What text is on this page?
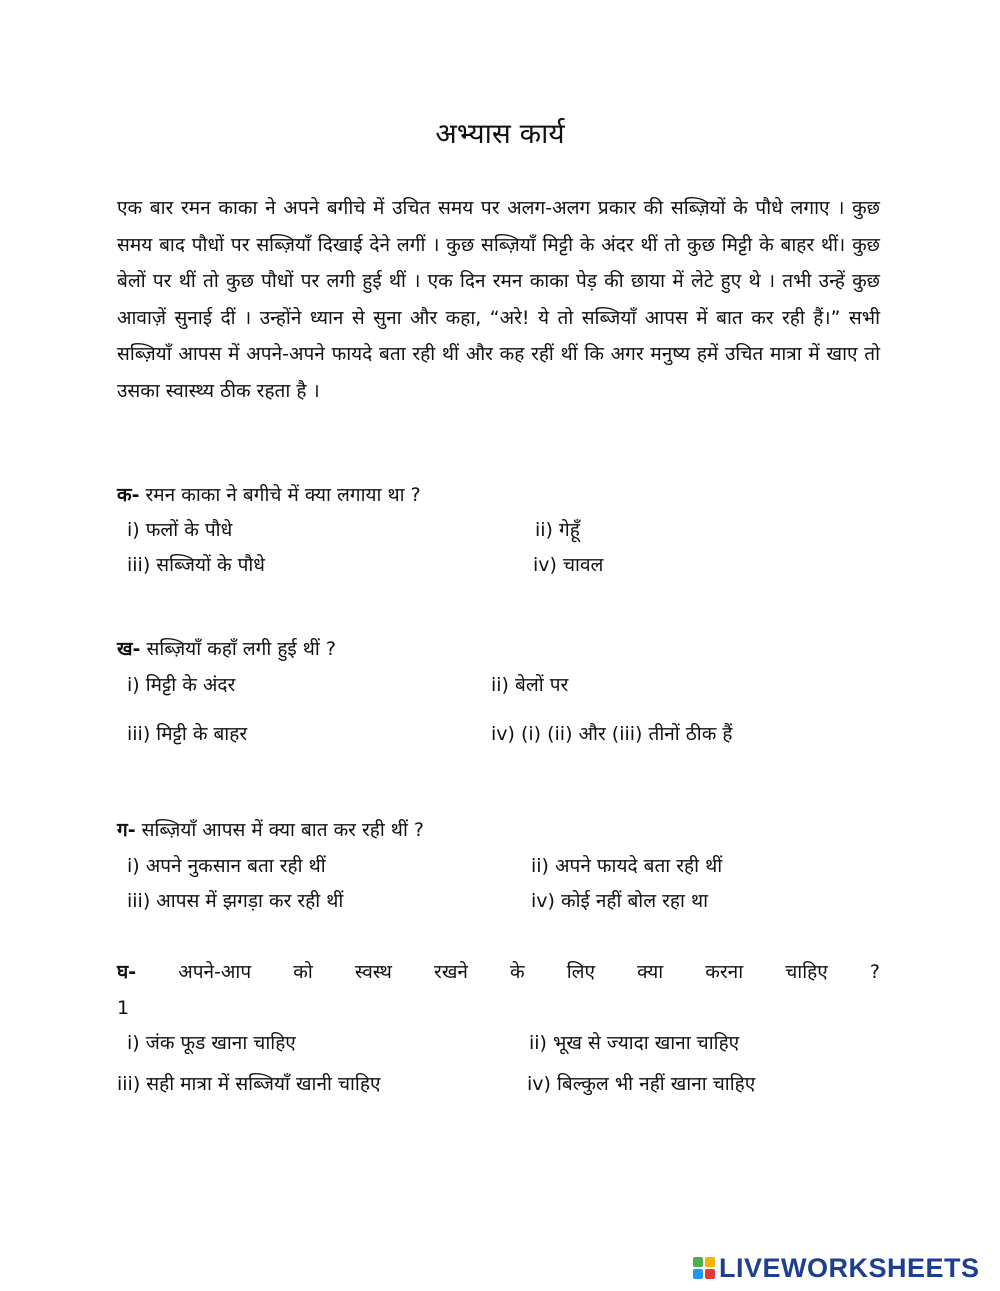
अभ्यास कार्य

एक बार रमन काका ने अपने बगीचे में उचित समय पर अलग-अलग प्रकार की सब्ज़ियों के पौधे लगाए । कुछ समय बाद पौधों पर सब्ज़ियाँ दिखाई देने लगीं । कुछ सब्ज़ियाँ मिट्टी के अंदर थीं तो कुछ मिट्टी के बाहर थीं। कुछ बेलों पर थीं तो कुछ पौधों पर लगी हुई थीं । एक दिन रमन काका पेड़ की छाया में लेटे हुए थे । तभी उन्हें कुछ आवाज़ें सुनाई दीं । उन्होंने ध्यान से सुना और कहा, “अरे! ये तो सब्जियाँ आपस में बात कर रही हैं।” सभी सब्ज़ियाँ आपस में अपने-अपने फायदे बता रही थीं और कह रहीं थीं कि अगर मनुष्य हमें उचित मात्रा में खाए तो उसका स्वास्थ्य ठीक रहता है ।

क- रमन काका ने बगीचे में क्या लगाया था ?
i) फलों के पौधे	ii) गेहूँ
iii) सब्जियों के पौधे	iv) चावल
ख- सब्ज़ियाँ कहाँ लगी हुई थीं ?
i) मिट्टी के अंदर	ii) बेलों पर
iii) मिट्टी के बाहर	iv) (i) (ii) और (iii) तीनों ठीक हैं
ग- सब्ज़ियाँ आपस में क्या बात कर रही थीं ?
i) अपने नुकसान बता रही थीं	ii) अपने फायदे बता रही थीं
iii) आपस में झगड़ा कर रही थीं	iv) कोई नहीं बोल रहा था
घ- अपने-आप को स्वस्थ रखने के लिए क्या करना चाहिए ?
1
i) जंक फूड खाना चाहिए	ii) भूख से ज्यादा खाना चाहिए
iii) सही मात्रा में सब्जियाँ खानी चाहिए	iv) बिल्कुल भी नहीं खाना चाहिए
LIVEWORKSHEETS
